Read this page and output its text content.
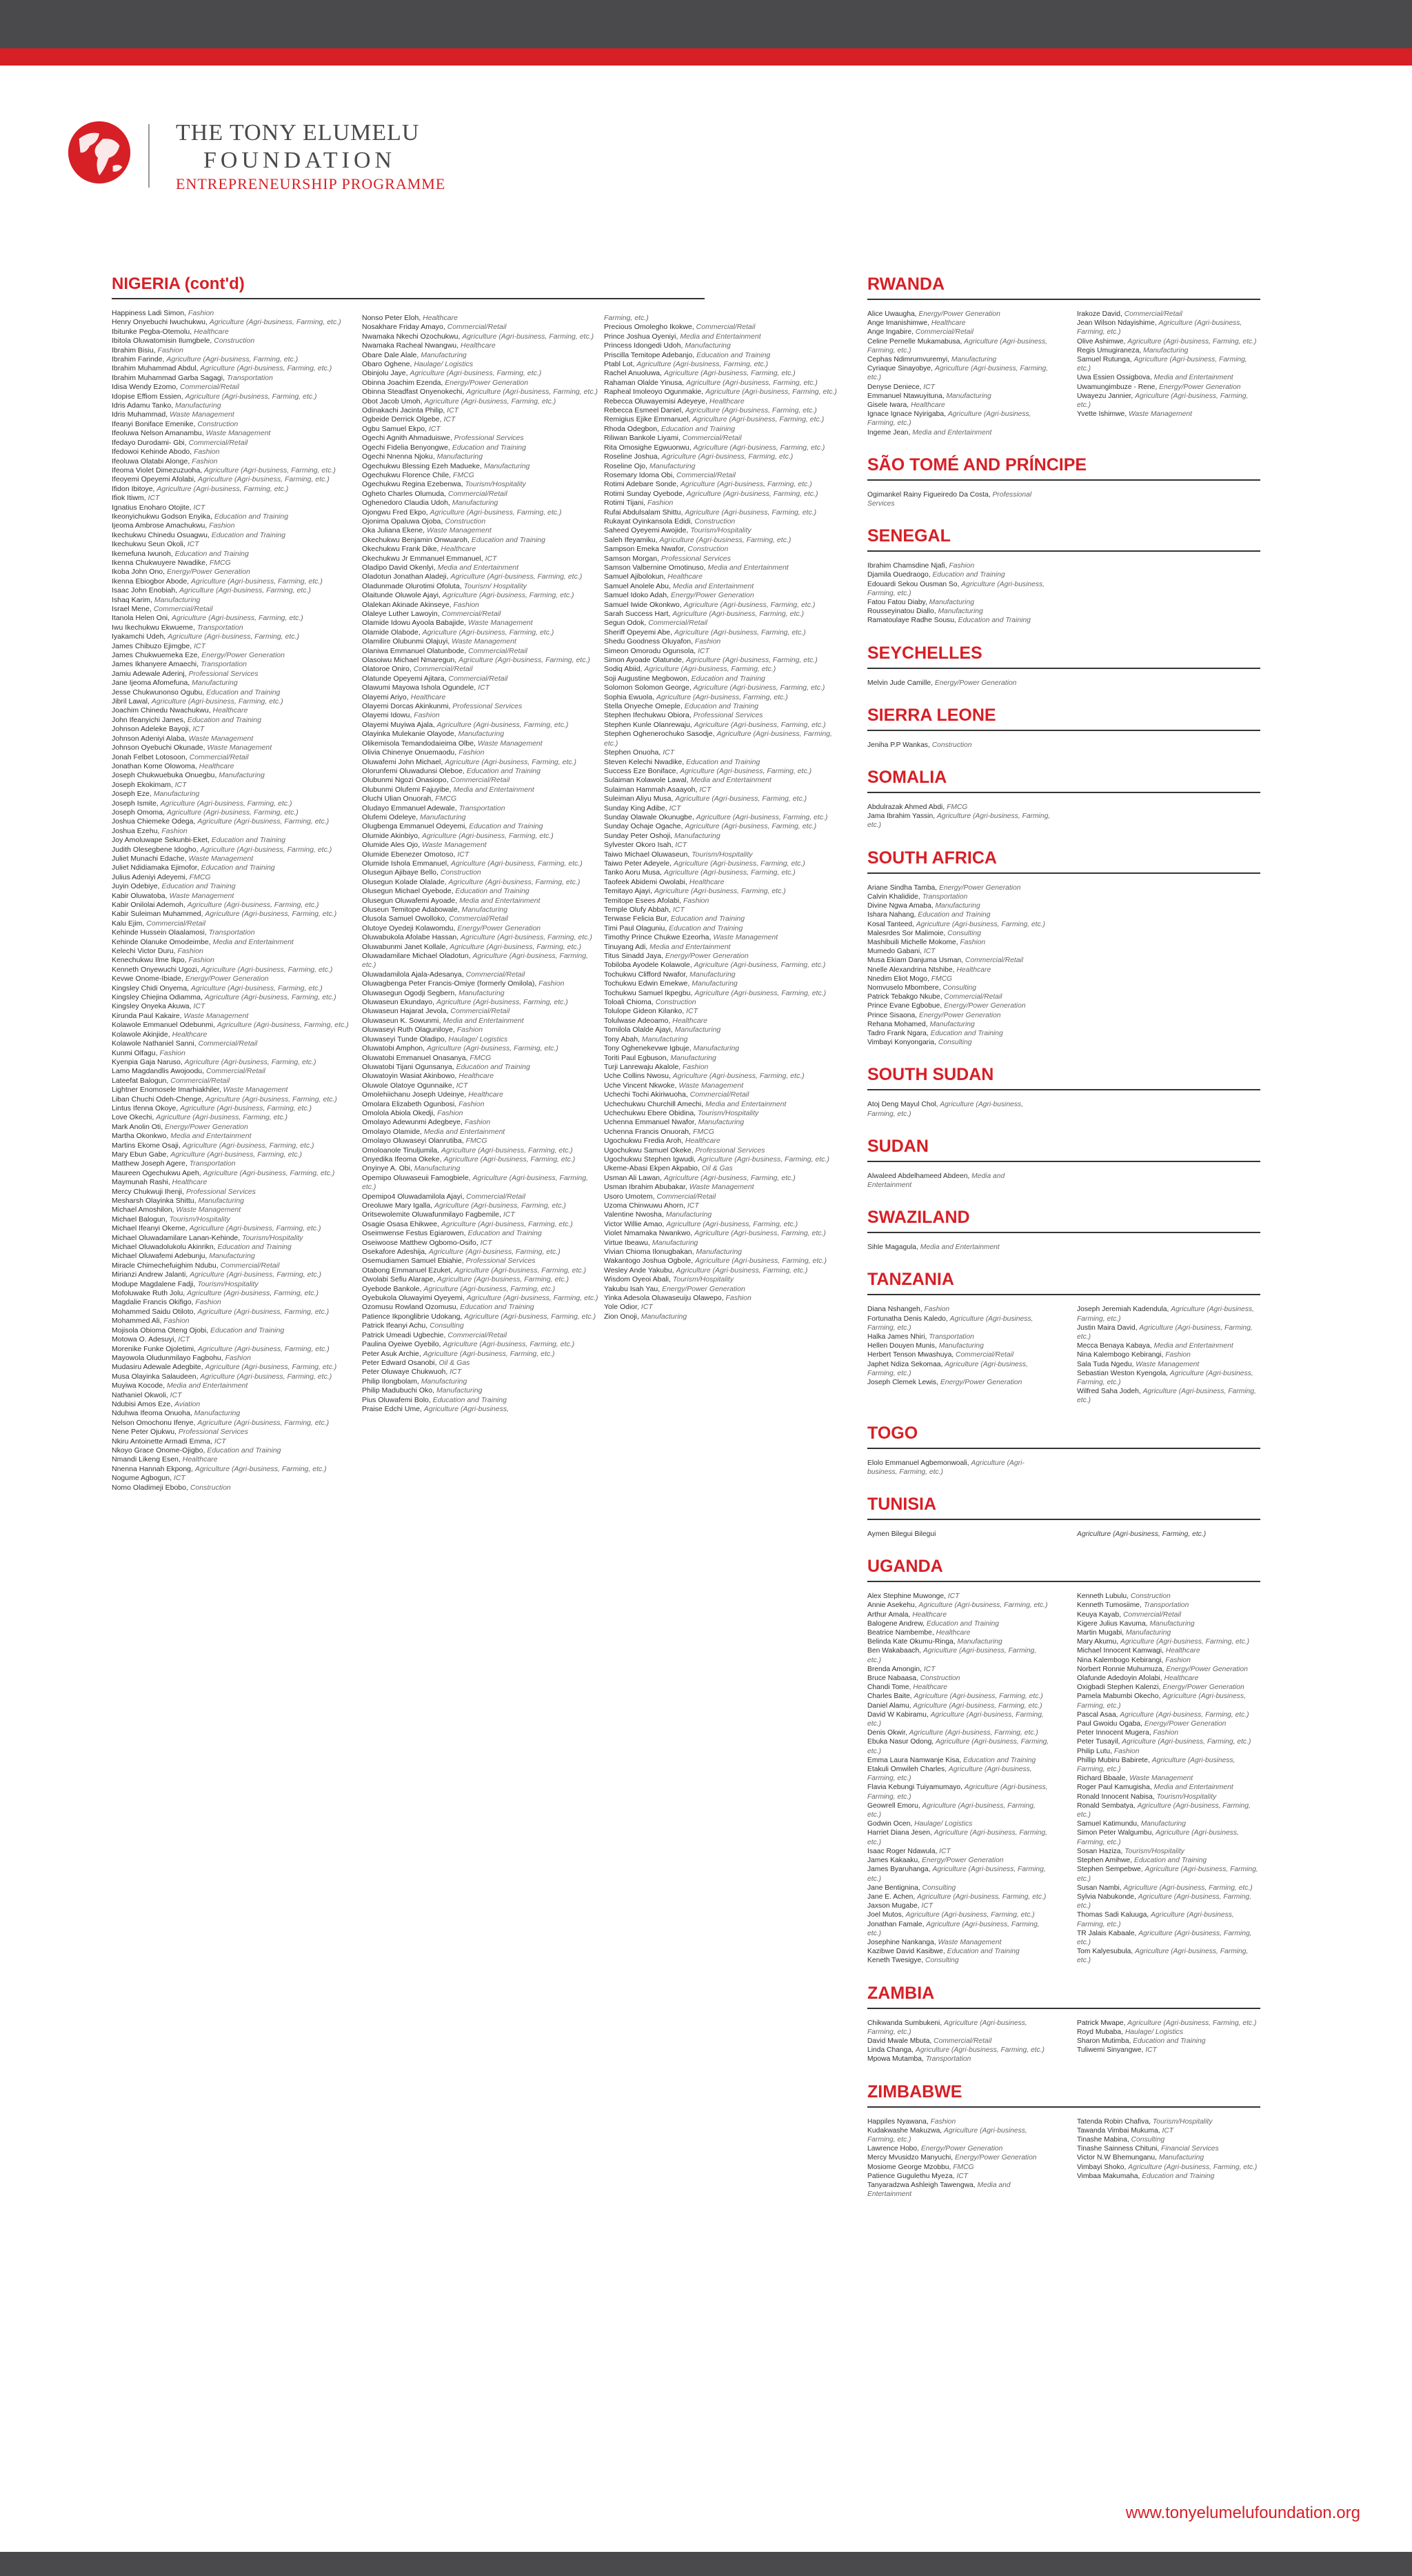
THE TONY ELUMELU
FOUNDATION
ENTREPRENEURSHIP PROGRAMME
NIGERIA (cont'd)
Happiness Ladi Simon, Fashion
Henry Onyebuchi Iwuchukwu, Agriculture (Agri-business, Farming, etc.)
Ibitunke Pegba-Otemolu, Healthcare
Ibitola Oluwatomisin Ilumgbele, Construction
Ibrahim Bisiu, Fashion
Ibrahim Farinde, Agriculture (Agri-business, Farming, etc.)
Ibrahim Muhammad Abdul, Agriculture (Agri-business, Farming, etc.)
Ibrahim Muhammad Garba Sagagi, Transportation
Idisa Wendy Ezomo, Commercial/Retail
Idopise Effiom Essien, Agriculture (Agri-business, Farming, etc.)
Idris Adamu Tanko, Manufacturing
Idris Muhammad, Waste Management
Ifeanyi Boniface Emenike, Construction
Ifeoluwa Nelson Amanambu, Waste Management
Ifedayo Durodami- Gbi, Commercial/Retail
Ifedowoi Kehinde Abodo, Fashion
Ifeoluwa Olatabi Alonge, Fashion
Ifeoma Violet Dimezuzuoha, Agriculture (Agri-business, Farming, etc.)
Ifeoyemi Opeyemi Afolabi, Agriculture (Agri-business, Farming, etc.)
Ifidon Ibitoye, Agriculture (Agri-business, Farming, etc.)
Ifiok Itiwm, ICT
Ignatius Enoharo Otojite, ICT
Ikeonyichukwu Godson Enyika, Education and Training
Ijeoma Ambrose Amachukwu, Fashion
Ikechukwu Chinedu Osuagwu, Education and Training
Ikechukwu Seun Okoli, ICT
Ikemefuna Iwunoh, Education and Training
Ikenna Chukwuyere Nwadike, FMCG
Ikoba John Ono, Energy/Power Generation
Ikenna Ebiogbor Abode, Agriculture (Agri-business, Farming, etc.)
Isaac John Enobiah, Agriculture (Agri-business, Farming, etc.)
Ishaq Karim, Manufacturing
Israel Mene, Commercial/Retail
Itanola Helen Oni, Agriculture (Agri-business, Farming, etc.)
Iwu Ikechukwu Ekwueme, Transportation
Iyakamchi Udeh, Agriculture (Agri-business, Farming, etc.)
James Chibuzo Ejimgbe, ICT
James Chukwuemeka Eze, Energy/Power Generation
James Ikhanyere Amaechi, Transportation
Jamiu Adewale Aderinj, Professional Services
Jane Ijeoma Afomefuna, Manufacturing
Jesse Chukwunonso Ogubu, Education and Training
Jibril Lawal, Agriculture (Agri-business, Farming, etc.)
Joachim Chinedu Nwachukwu, Healthcare
John Ifeanyichi James, Education and Training
Johnson Adeleke Bayoji, ICT
Johnson Adeniyi Alaba, Waste Management
Johnson Oyebuchi Okunade, Waste Management
Jonah Felbet Lotosoon, Commercial/Retail
Jonathan Kome Olowoma, Healthcare
Joseph Chukwuebuka Onuegbu, Manufacturing
Joseph Ekokimam, ICT
Joseph Eze, Manufacturing
Joseph Ismite, Agriculture (Agri-business, Farming, etc.)
Joseph Omoma, Agriculture (Agri-business, Farming, etc.)
Joshua Chiemeke Odega, Agriculture (Agri-business, Farming, etc.)
Joshua Ezehu, Fashion
Joy Amoluwape Sekunbi-Eket, Education and Training
Judith Olesegbene Idogho, Agriculture (Agri-business, Farming, etc.)
Juliet Munachi Edache, Waste Management
Juliet Ndidiamaka Ejimofor, Education and Training
Julius Adeniyi Adeyemi, FMCG
Juyin Odebiye, Education and Training
Kabir Oluwatoba, Waste Management
Kabir Onilolai Ademoh, Agriculture (Agri-business, Farming, etc.)
Kabir Suleiman Muhammed, Agriculture (Agri-business, Farming, etc.)
Kalu Ejim, Commercial/Retail
Kehinde Hussein Olaalamosi, Transportation
Kehinde Olanuke Omodeimbe, Media and Entertainment
Kelechi Victor Duru, Fashion
Kenechukwu Ilme Ikpo, Fashion
Kenneth Onyewuchi Ugozi, Agriculture (Agri-business, Farming, etc.)
Kevwe Onome-Ibiade, Energy/Power Generation
Kingsley Chidi Onyema, Agriculture (Agri-business, Farming, etc.)
Kingsley Chiejina Odiamma, Agriculture (Agri-business, Farming, etc.)
Kingsley Onyeka Akuwa, ICT
Kirunda Paul Kakaire, Waste Management
Kolawole Emmanuel Odebunmi, Agriculture (Agri-business, Farming, etc.)
Kolawole Akinjide, Healthcare
Kolawole Nathaniel Sanni, Commercial/Retail
Kunmi Olfagu, Fashion
Kyenpia Gaja Naruso, Agriculture (Agri-business, Farming, etc.)
Lamo Magdandlis Awojoodu, Commercial/Retail
Lateefat Balogun, Commercial/Retail
Lightner Enomosele Imarhiakhiler, Waste Management
Liban Chuchi Odeh-Chenge, Agriculture (Agri-business, Farming, etc.)
Lintus Ifenna Okoye, Agriculture (Agri-business, Farming, etc.)
Love Okechi, Agriculture (Agri-business, Farming, etc.)
Mark Anolin Oti, Energy/Power Generation
Martha Okonkwo, Media and Entertainment
Martins Ekome Osaji, Agriculture (Agri-business, Farming, etc.)
Mary Ebun Gabe, Agriculture (Agri-business, Farming, etc.)
Matthew Joseph Agere, Transportation
Maureen Ogechukwu Apeh, Agriculture (Agri-business, Farming, etc.)
Maymunah Rashi, Healthcare
Mercy Chukwuji Ihenji, Professional Services
Mesharsh Olayinka Shittu, Manufacturing
Michael Amoshilon, Waste Management
Michael Balogun, Tourism/Hospitality
Michael Ifeanyi Okeme, Agriculture (Agri-business, Farming, etc.)
Michael Oluwadamilare Lanan-Kehinde, Tourism/Hospitality
Michael Oluwadolukolu Akinrikn, Education and Training
Michael Oluwafemi Adebunju, Manufacturing
Miracle Chimechefuighim Ndubu, Commercial/Retail
Mirianzi Andrew Jalanti, Agriculture (Agri-business, Farming, etc.)
Modupe Magdalene Fadji, Tourism/Hospitality
Mofoluwake Ruth Jolu, Agriculture (Agri-business, Farming, etc.)
Magdalie Francis Okifigo, Fashion
Mohammed Saidu Otiloto, Agriculture (Agri-business, Farming, etc.)
Mohammed Ali, Fashion
Mojisola Obioma Oteng Ojobi, Education and Training
Motowa O. Adesuyi, ICT
Morenike Funke Ojoletimi, Agriculture (Agri-business, Farming, etc.)
Mayowola Oludunmilayo Fagbohu, Fashion
Mudasiru Adewale Adegbite, Agriculture (Agri-business, Farming, etc.)
Musa Olayinka Salaudeen, Agriculture (Agri-business, Farming, etc.)
Muyiwa Kocode, Media and Entertainment
Nathaniel Okwoli, ICT
Ndubisi Amos Eze, Aviation
Nduhwa Ifeoma Onuoha, Manufacturing
Nelson Omochonu Ifenye, Agriculture (Agri-business, Farming, etc.)
Nene Peter Ojukwu, Professional Services
Nkiru Antoinette Armadi Emma, ICT
Nkoyo Grace Onome-Ojigbo, Education and Training
Nmandi Likeng Esen, Healthcare
Nnenna Hannah Ekpong, Agriculture (Agri-business, Farming, etc.)
Nogume Agbogun, ICT
Nomo Oladimeji Ebobo, Construction
Nonso Peter Eloh, Healthcare
Nosakhare Friday Amayo, Commercial/Retail
Nwamaka Nkechi Ozochukwu, Agriculture (Agri-business, Farming, etc.)
Nwamaka Racheal Nwangwu, Healthcare
Obare Dale Alale, Manufacturing
Obaro Oghene, Haulage/ Logistics
Obinjolu Jaye, Agriculture (Agri-business, Farming, etc.)
Obinna Joachim Ezenda, Energy/Power Generation
Obinna Steadfast Onyenokechi, Agriculture (Agri-business, Farming, etc.)
Obot Jacob Umoh, Agriculture (Agri-business, Farming, etc.)
Odinakachi Jacinta Philip, ICT
Ogbeide Derrick Olgebe, ICT
Ogbu Samuel Ekpo, ICT
Ogechi Agnith Ahmaduiswe, Professional Services
Ogechi Fidelia Benyongwe, Education and Training
Ogechi Nnenna Njoku, Manufacturing
Ogechukwu Blessing Ezeh Madueke, Manufacturing
Ogechukwu Florence Chile, FMCG
Ogechukwu Regina Ezebenwa, Tourism/Hospitality
Ogheto Charles Olumuda, Commercial/Retail
Oghenedoro Claudia Udoh, Manufacturing
Ojongwu Fred Ekpo, Agriculture (Agri-business, Farming, etc.)
Ojonima Opaluwa Ojoba, Construction
Oka Juliana Ekene, Waste Management
Okechukwu Benjamin Onwuaroh, Education and Training
Okechukwu Frank Dike, Healthcare
Okechukwu Jr Emmanuel Emmanuel, ICT
Oladipo David Okenlyi, Media and Entertainment
Oladotun Jonathan Aladeji, Agriculture (Agri-business, Farming, etc.)
Oladunmade Olurotimi Ofoluta, Tourism/ Hospitality
Olaitunde Oluwole Ajayi, Agriculture (Agri-business, Farming, etc.)
Olalekan Akinade Akinseye, Fashion
Olaleye Luther Lawoyin, Commercial/Retail
Olamide Idowu Ayoola Babajide, Waste Management
Olamide Olabode, Agriculture (Agri-business, Farming, etc.)
Olamilire Olubunmi Olajuyi, Waste Management
Olaniwa Emmanuel Olatunbode, Commercial/Retail
Olasoiwu Michael Nmaregun, Agriculture (Agri-business, Farming, etc.)
Olatoroe Oniro, Commercial/Retail
Olatunde Opeyemi Ajitara, Commercial/Retail
Olawumi Mayowa Ishola Ogundele, ICT
Olayemi Ariyo, Healthcare
Olayemi Dorcas Akinkunmi, Professional Services
Olayemi Idowu, Fashion
Olayemi Muyiwa Ajala, Agriculture (Agri-business, Farming, etc.)
Olayinka Mulekanie Olayode, Manufacturing
Olikemisola Temandodaieima Olbe, Waste Management
Olivia Chinenye Onuemaodu, Fashion
Oluwafemi John Michael, Agriculture (Agri-business, Farming, etc.)
Olorunfemi Oluwadunsi Oleboe, Education and Training
Olubunmi Ngozi Onasiopo, Commercial/Retail
Olubunmi Olufemi Fajuyibe, Media and Entertainment
Oluchi Ulian Onuorah, FMCG
Oludayo Emmanuel Adewale, Transportation
Olufemi Odeleye, Manufacturing
Olugbenga Emmanuel Odeyemi, Education and Training
Olumide Akinbiyo, Agriculture (Agri-business, Farming, etc.)
Olumide Ales Ojo, Waste Management
Olumide Ebenezer Omotoso, ICT
Olumide Ishola Emmanuel, Agriculture (Agri-business, Farming, etc.)
Olusegun Ajibaye Bello, Construction
Olusegun Kolade Olalade, Agriculture (Agri-business, Farming, etc.)
Olusegun Michael Oyebode, Education and Training
Olusegun Oluwafemi Ayoade, Media and Entertainment
Oluseun Temitope Adabowale, Manufacturing
Olusola Samuel Owolloko, Commercial/Retail
Olutoye Oyedeji Kolawomdu, Energy/Power Generation
Oluwabukola Afolabe Hassan, Agriculture (Agri-business, Farming, etc.)
Oluwabunmi Janet Kollale, Agriculture (Agri-business, Farming, etc.)
Oluwadamilare Michael Oladotun, Agriculture (Agri-business, Farming, etc.)
Oluwadamilola Ajala-Adesanya, Commercial/Retail
Oluwagbenga Peter Francis-Omiye (formerly Omilola), Fashion
Oluwasegun Ogodji Segbern, Manufacturing
Oluwaseun Ekundayo, Agriculture (Agri-business, Farming, etc.)
Oluwaseun Hajarat Jevola, Commercial/Retail
Oluwaseun K. Sowunmi, Media and Entertainment
Oluwaseyi Ruth Olaguniloye, Fashion
Oluwaseyi Tunde Oladipo, Haulage/ Logistics
Oluwatobi Amphon, Agriculture (Agri-business, Farming, etc.)
Oluwatobi Emmanuel Onasanya, FMCG
Oluwatobi Tijani Ogunsanya, Education and Training
Oluwatoyin Wasiat Akinbowo, Healthcare
Oluwole Olatoye Ogunnaike, ICT
Omolehiichanu Joseph Udeinye, Healthcare
Omolara Elizabeth Ogunbosi, Fashion
Omolola Abiola Okedji, Fashion
Omolayo Adewunmi Adegbeye, Fashion
Omolayo Olamide, Media and Entertainment
Omolayo Oluwaseyi Olanrutiba, FMCG
Omoloanole Tinuljumila, Agriculture (Agri-business, Farming, etc.)
Onyedika Ifeoma Okeke, Agriculture (Agri-business, Farming, etc.)
Onyinye A. Obi, Manufacturing
Opemipo Oluwaseuii Famogbiele, Agriculture (Agri-business, Farming, etc.)
Opemipo4 Oluwadamilola Ajayi, Commercial/Retail
Oreoluwe Mary Igalla, Agriculture (Agri-business, Farming, etc.)
Oritsewolemite Oluwafunmilayo Fagbemile, ICT
Osagie Osasa Ehikwee, Agriculture (Agri-business, Farming, etc.)
Oseimwense Festus Egiarowen, Education and Training
Oseiwoose Matthew Ogbomo-Osifo, ICT
Osekafore Adeshija, Agriculture (Agri-business, Farming, etc.)
Osemudiamen Samuel Ebiahie, Professional Services
Otabong Emmanuel Ezuket, Agriculture (Agri-business, Farming, etc.)
Owolabi Sefiu Alarape, Agriculture (Agri-business, Farming, etc.)
Oyebode Bankole, Agriculture (Agri-business, Farming, etc.)
Oyebukola Oluwayimi Oyeyemi, Agriculture (Agri-business, Farming, etc.)
Ozomusu Rowland Ozomusu, Education and Training
Patience Ikponglibrie Udokang, Agriculture (Agri-business, Farming, etc.)
Patrick Ifeanyi Achu, Consulting
Patrick Umeadi Ugbechie, Commercial/Retail
Paulina Oyeiwe Oyebilo, Agriculture (Agri-business, Farming, etc.)
Peter Asuk Archie, Agriculture (Agri-business, Farming, etc.)
Peter Edward Osanobi, Oil & Gas
Peter Oluwaye Chukwuoh, ICT
Philip Ilongbolam, Manufacturing
Philip Madubuchi Oko, Manufacturing
Pius Oluwafemi Bolo, Education and Training
Praise Edchi Ume, Agriculture (Agri-business,
Farming, etc.)
Precious Omolegho Ikokwe, Commercial/Retail
Prince Joshua Oyeniyi, Media and Entertainment
Princess Idongedi Udoh, Manufacturing
Priscilla Temitope Adebanjo, Education and Training
Ptabl Lot, Agriculture (Agri-business, Farming, etc.)
Rachel Anuoluwa, Agriculture (Agri-business, Farming, etc.)
Rahaman Olalde Yinusa, Agriculture (Agri-business, Farming, etc.)
Rapheal Imoleoyo Ogunmakie, Agriculture (Agri-business, Farming, etc.)
Rebecca Oluwayemisi Adeyeye, Healthcare
Rebecca Esmeel Daniel, Agriculture (Agri-business, Farming, etc.)
Remigius Ejike Emmanuel, Agriculture (Agri-business, Farming, etc.)
Rhoda Odegbon, Education and Training
Riliwan Bankole Liyami, Commercial/Retail
Rita Omosighe Egwuonwu, Agriculture (Agri-business, Farming, etc.)
Roseline Joshua, Agriculture (Agri-business, Farming, etc.)
Roseline Ojo, Manufacturing
Rosemary Idoma Obi, Commercial/Retail
Rotimi Adebare Sonde, Agriculture (Agri-business, Farming, etc.)
Rotimi Sunday Oyebode, Agriculture (Agri-business, Farming, etc.)
Rotimi Tijani, Fashion
Rufai Abdulsalam Shittu, Agriculture (Agri-business, Farming, etc.)
Rukayat Oyinkansola Edidi, Construction
Saheed Oyeyemi Awojide, Tourism/Hospitality
Saleh Ifeyamiku, Agriculture (Agri-business, Farming, etc.)
Sampson Emeka Nwafor, Construction
Samson Morgan, Professional Services
Samson Valbernine Omotinuso, Media and Entertainment
Samuel Ajibolokun, Healthcare
Samuel Anolele Abu, Media and Entertainment
Samuel Idoko Adah, Energy/Power Generation
Samuel Iwide Okonkwo, Agriculture (Agri-business, Farming, etc.)
Sarah Success Hart, Agriculture (Agri-business, Farming, etc.)
Segun Odok, Commercial/Retail
Sheriff Opeyemi Abe, Agriculture (Agri-business, Farming, etc.)
Shedu Goodness Oluyafon, Fashion
Simeon Omorodu Ogunsola, ICT
Simon Ayoade Olatunde, Agriculture (Agri-business, Farming, etc.)
Sodiq Abiid, Agriculture (Agri-business, Farming, etc.)
Soji Augustine Megbowon, Education and Training
Solomon Solomon George, Agriculture (Agri-business, Farming, etc.)
Sophia Ewuola, Agriculture (Agri-business, Farming, etc.)
Stella Onyeche Omeple, Education and Training
Stephen Ifechukwu Obiora, Professional Services
Stephen Kunle Olanrewaju, Agriculture (Agri-business, Farming, etc.)
Stephen Oghenerochuko Sasodje, Agriculture (Agri-business, Farming, etc.)
Stephen Onuoha, ICT
Steven Kelechi Nwadike, Education and Training
Success Eze Boniface, Agriculture (Agri-business, Farming, etc.)
Sulaiman Kolawole Lawal, Media and Entertainment
Sulaiman Hammah Asaayoh, ICT
Suleiman Aliyu Musa, Agriculture (Agri-business, Farming, etc.)
Sunday King Adibe, ICT
Sunday Olawale Okunugbe, Agriculture (Agri-business, Farming, etc.)
Sunday Ochaje Ogache, Agriculture (Agri-business, Farming, etc.)
Sunday Peter Oshoji, Manufacturing
Sylvester Okoro Isah, ICT
Taiwo Michael Oluwaseun, Tourism/Hospitality
Taiwo Peter Adeyele, Agriculture (Agri-business, Farming, etc.)
Tanko Aoru Musa, Agriculture (Agri-business, Farming, etc.)
Taofeek Abidemi Owolabi, Healthcare
Temitayo Ajayi, Agriculture (Agri-business, Farming, etc.)
Temitope Esees Afolabi, Fashion
Temple Olufy Abbah, ICT
Terwase Felicia Bur, Education and Training
Timi Paul Olaguniu, Education and Training
Timothy Prince Chukwe Ezeorha, Waste Management
Tinuyang Adi, Media and Entertainment
Titus Sinadd Jaya, Energy/Power Generation
Tobiloba Ayodele Kolawole, Agriculture (Agri-business, Farming, etc.)
Tochukwu Clifford Nwafor, Manufacturing
Tochukwu Edwin Emekwe, Manufacturing
Tochukwu Samuel Ikpegbu, Agriculture (Agri-business, Farming, etc.)
Toloali Chioma, Construction
Tolulope Gideon Kilanko, ICT
Tolulwase Adeoamo, Healthcare
Tomilola Olalde Ajayi, Manufacturing
Tony Abah, Manufacturing
Tony Oghenekevwe Igbuje, Manufacturing
Toriti Paul Egbuson, Manufacturing
Turji Lanrewaju Akalole, Fashion
Uche Collins Nwosu, Agriculture (Agri-business, Farming, etc.)
Uche Vincent Nkwoke, Waste Management
Uchechi Tochi Akiriwuoha, Commercial/Retail
Uchechukwu Churchill Amechi, Media and Entertainment
Uchechukwu Ebere Obidina, Tourism/Hospitality
Uchenna Emmanuel Nwafor, Manufacturing
Uchenna Francis Onuorah, FMCG
Ugochukwu Fredia Aroh, Healthcare
Ugochukwu Samuel Okeke, Professional Services
Ugochukwu Stephen Igwudi, Agriculture (Agri-business, Farming, etc.)
Ukeme-Abasi Ekpen Akpabio, Oil & Gas
Usman Ali Lawan, Agriculture (Agri-business, Farming, etc.)
Usman Ibrahim Abubakar, Waste Management
Usoro Umotem, Commercial/Retail
Uzoma Chinwuwu Ahorn, ICT
Valentine Nwosha, Manufacturing
Victor Willie Amao, Agriculture (Agri-business, Farming, etc.)
Violet Nmamaka Nwankwo, Agriculture (Agri-business, Farming, etc.)
Virtue Ibeawu, Manufacturing
Vivian Chioma Ilonugbakan, Manufacturing
Wakantogo Joshua Ogbole, Agriculture (Agri-business, Farming, etc.)
Wesley Ande Yakubu, Agriculture (Agri-business, Farming, etc.)
Wisdom Oyeoi Abali, Tourism/Hospitality
Yakubu Isah Yau, Energy/Power Generation
Yinka Adesola Oluwaseuiju Olawepo, Fashion
Yole Odior, ICT
Zion Onoji, Manufacturing
RWANDA
Alice Uwaugha, Energy/Power Generation
Ange Imanishimwe, Healthcare
Ange Ingabire, Commercial/Retail
Celine Pernelle Mukamabusa, Agriculture (Agri-business, Farming, etc.)
Cephas Ndimrumvuremyi, Manufacturing
Cyriaque Sinayobye, Agriculture (Agri-business, Farming, etc.)
Denyse Deniece, ICT
Emmanuel Ntawuyituna, Manufacturing
Gisele Iwara, Healthcare
Ignace Ignace Nyirigaba, Agriculture (Agri-business, Farming, etc.)
Ingeme Jean, Media and Entertainment
Irakoze David, Commercial/Retail
Jean Wilson Ndayishime, Agriculture (Agri-business, Farming, etc.)
Olive Ashimwe, Agriculture (Agri-business, Farming, etc.)
Regis Umugiraneza, Manufacturing
Samuel Rutunga, Agriculture (Agri-business, Farming, etc.)
Uwa Essien Ossigbova, Media and Entertainment
Uwamungimbuze - Rene, Energy/Power Generation
Uwayezu Jannier, Agriculture (Agri-business, Farming, etc.)
Yvette Ishimwe, Waste Management
SÃO TOMÉ AND PRÍNCIPE
Ogimankel Rainy Figueiredo Da Costa, Professional Services
SENEGAL
Ibrahim Chamsdine Njafi, Fashion
Djamila Ouedraogo, Education and Training
Edouardi Sekou Ousman So, Agriculture (Agri-business, Farming, etc.)
Fatou Fatou Diaby, Manufacturing
Rousseyinatou Diallo, Manufacturing
Ramatoulaye Radhe Sousu, Education and Training
SEYCHELLES
Melvin Jude Camille, Energy/Power Generation
SIERRA LEONE
Jeniha P.P Wankas, Construction
SOMALIA
Abdulrazak Ahmed Abdi, FMCG
Jama Ibrahim Yassin, Agriculture (Agri-business, Farming, etc.)
SOUTH AFRICA
Ariane Sindha Tamba, Energy/Power Generation
Calvin Khalidide, Transportation
Divine Ngwa Amaba, Manufacturing
Ishara Nahang, Education and Training
Kosal Tanteed, Agriculture (Agri-business, Farming, etc.)
Malesrdes Sor Malimoie, Consulting
Mashibuili Michelle Mokome, Fashion
Mumedo Gabani, ICT
Musa Ekiam Danjuma Usman, Commercial/Retail
Nnelle Alexandrina Ntshibe, Healthcare
Nnedim Eliot Mogo, FMCG
Nomvuselo Mbombere, Consulting
Patrick Tebakgo Nkube, Commercial/Retail
Prince Evane Egbobue, Energy/Power Generation
Prince Sisaona, Energy/Power Generation
Rehana Mohamed, Manufacturing
Tadro Frank Ngara, Education and Training
Vimbayi Konyongaria, Consulting
SOUTH SUDAN
Atoj Deng Mayul Chol, Agriculture (Agri-business, Farming, etc.)
SUDAN
Alwaleed Abdelhameed Abdeen, Media and Entertainment
SWAZILAND
Sihle Magagula, Media and Entertainment
TANZANIA
Diana Nshangeh, Fashion
Fortunatha Denis Kaledo, Agriculture (Agri-business, Farming, etc.)
Halka James Nhiri, Transportation
Hellen Douyen Munis, Manufacturing
Herbert Tenson Mwashuya, Commercial/Retail
Japhet Ndiza Sekomaa, Agriculture (Agri-business, Farming, etc.)
Joseph Clemek Lewis, Energy/Power Generation
Joseph Jeremiah Kadendula, Agriculture (Agri-business, Farming, etc.)
Justin Maira David, Agriculture (Agri-business, Farming, etc.)
Mecca Benaya Kabaya, Media and Entertainment
Nina Kalembogo Kebirangi, Fashion
Sala Tuda Ngedu, Waste Management
Sebastian Weston Kyengola, Agriculture (Agri-business, Farming, etc.)
Wilfred Saha Jodeh, Agriculture (Agri-business, Farming, etc.)
TOGO
Elolo Emmanuel Agbemonwoali, Agriculture (Agri-business, Farming, etc.)
TUNISIA
Aymen Bilegui Bilegui	Agriculture (Agri-business, Farming, etc.)
UGANDA
Alex Stephine Muwonge, ICT
Annie Asekehu, Agriculture (Agri-business, Farming, etc.)
Arthur Amala, Healthcare
Balogene Andrew, Education and Training
Beatrice Nambembe, Healthcare
Belinda Kate Okumu-Ringa, Manufacturing
Ben Wakabaach, Agriculture (Agri-business, Farming, etc.)
Brenda Amongin, ICT
Bruce Nabaasa, Construction
Chandi Tome, Healthcare
Charles Baite, Agriculture (Agri-business, Farming, etc.)
Daniel Alamu, Agriculture (Agri-business, Farming, etc.)
David W Kabiramu, Agriculture (Agri-business, Farming, etc.)
Denis Okwir, Agriculture (Agri-business, Farming, etc.)
Ebuka Nasur Odong, Agriculture (Agri-business, Farming, etc.)
Emma Laura Namwanje Kisa, Education and Training
Etakuli Omwileh Charles, Agriculture (Agri-business, Farming, etc.)
Flavia Kebungi Tuiyamumayo, Agriculture (Agri-business, Farming, etc.)
Geowrell Emoru, Agriculture (Agri-business, Farming, etc.)
Godwin Ocen, Haulage/ Logistics
Harriet Diana Jesen, Agriculture (Agri-business, Farming, etc.)
Isaac Roger Ndawula, ICT
James Kakaaku, Energy/Power Generation
James Byaruhanga, Agriculture (Agri-business, Farming, etc.)
Jane Bentignina, Consulting
Jane E. Achen, Agriculture (Agri-business, Farming, etc.)
Jaxson Mugabe, ICT
Joel Mutos, Agriculture (Agri-business, Farming, etc.)
Jonathan Famale, Agriculture (Agri-business, Farming, etc.)
Josephine Nankanga, Waste Management
Kazibwe David Kasibwe, Education and Training
Keneth Twesigye, Consulting
Kenneth Lubulu, Construction
Kenneth Tumosiime, Transportation
Keuya Kayab, Commercial/Retail
Kigere Julius Kavuma, Manufacturing
Martin Mugabi, Manufacturing
Mary Akumu, Agriculture (Agri-business, Farming, etc.)
Michael Innocent Kamwagi, Healthcare
Nina Kalembogo Kebirangi, Fashion
Norbert Ronnie Muhumuza, Energy/Power Generation
Olafunde Adedoyin Afolabi, Healthcare
Oxigbadi Stephen Kalenzi, Energy/Power Generation
Pamela Mabumbi Okecho, Agriculture (Agri-business, Farming, etc.)
Pascal Asaa, Agriculture (Agri-business, Farming, etc.)
Paul Gwoidu Ogaba, Energy/Power Generation
Peter Innocent Mugera, Fashion
Peter Tusayil, Agriculture (Agri-business, Farming, etc.)
Philip Lutu, Fashion
Phillip Mubiru Babirete, Agriculture (Agri-business, Farming, etc.)
Richard Bbaale, Waste Management
Roger Paul Kamugisha, Media and Entertainment
Ronald Innocent Nabisa, Tourism/Hospitality
Ronald Sembatya, Agriculture (Agri-business, Farming, etc.)
Samuel Katimundu, Manufacturing
Simon Peter Walgumbu, Agriculture (Agri-business, Farming, etc.)
Sosan Haziza, Tourism/Hospitality
Stephen Amihwe, Education and Training
Stephen Sempebwe, Agriculture (Agri-business, Farming, etc.)
Susan Nambi, Agriculture (Agri-business, Farming, etc.)
Sylvia Nabukonde, Agriculture (Agri-business, Farming, etc.)
Thomas Sadi Kaluuga, Agriculture (Agri-business, Farming, etc.)
TR Jalais Kabaale, Agriculture (Agri-business, Farming, etc.)
Tom Kalyesubula, Agriculture (Agri-business, Farming, etc.)
ZAMBIA
Chikwanda Sumbukeni, Agriculture (Agri-business, Farming, etc.)
David Mwale Mbuta, Commercial/Retail
Linda Changa, Agriculture (Agri-business, Farming, etc.)
Mpowa Mutamba, Transportation
Patrick Mwape, Agriculture (Agri-business, Farming, etc.)
Royd Mubaba, Haulage/ Logistics
Sharon Mutimba, Education and Training
Tuliwemi Sinyangwe, ICT
ZIMBABWE
Happiles Nyawana, Fashion
Kudakwashe Makuzwa, Agriculture (Agri-business, Farming, etc.)
Lawrence Hobo, Energy/Power Generation
Mercy Mvusidzo Manyuchi, Energy/Power Generation
Mosiome George Mzobbu, FMCG
Patience Gugulethu Myeza, ICT
Tanyaradzwa Ashleigh Tawengwa, Media and Entertainment
Tatenda Robin Chafiva, Tourism/Hospitality
Tawanda Vimbai Mukuma, ICT
Tinashe Mabina, Consulting
Tinashe Sainness Chituni, Financial Services
Victor N.W Bhemunganu, Manufacturing
Vimbayi Shoko, Agriculture (Agri-business, Farming, etc.)
Vimbaa Makumaha, Education and Training
www.tonyelumelufoundation.org
